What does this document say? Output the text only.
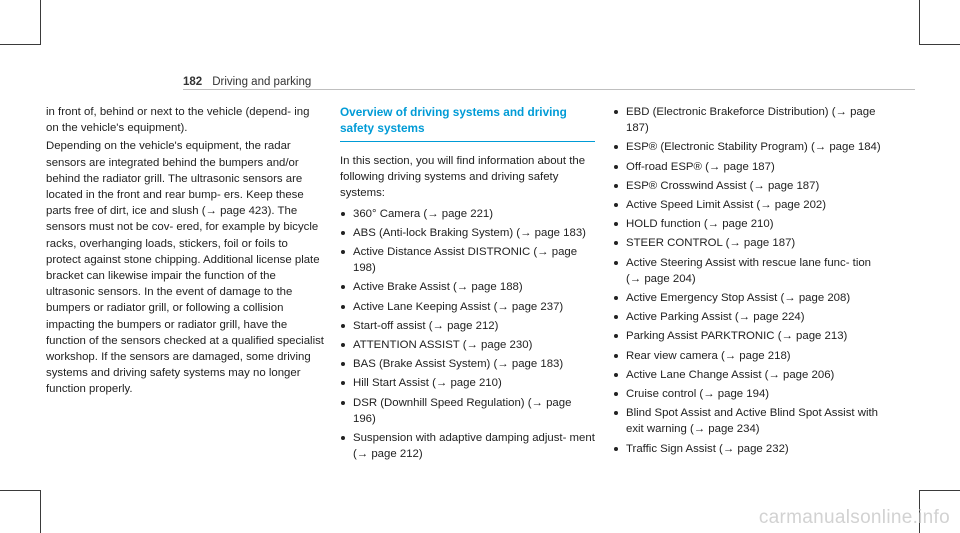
182 Driving and parking

in front of, behind or next to the vehicle (depend- ing on the vehicle's equipment).

Depending on the vehicle's equipment, the radar sensors are integrated behind the bumpers and/or behind the radiator grill. The ultrasonic sensors are located in the front and rear bump- ers. Keep these parts free of dirt, ice and slush (→ page 423). The sensors must not be cov- ered, for example by bicycle racks, overhanging loads, stickers, foil or foils to protect against stone chipping. Additional license plate bracket can likewise impair the function of the ultrasonic sensors. In the event of damage to the bumpers or radiator grill, or following a collision impacting the bumpers or radiator grill, have the function of the sensors checked at a qualified specialist workshop. If the sensors are damaged, some driving systems and driving safety systems may no longer function properly.

Overview of driving systems and driving safety systems

In this section, you will find information about the following driving systems and driving safety systems:

360° Camera (→ page 221)
ABS (Anti-lock Braking System) (→ page 183)
Active Distance Assist DISTRONIC (→ page 198)
Active Brake Assist (→ page 188)
Active Lane Keeping Assist (→ page 237)
Start-off assist (→ page 212)
ATTENTION ASSIST (→ page 230)
BAS (Brake Assist System) (→ page 183)
Hill Start Assist (→ page 210)
DSR (Downhill Speed Regulation) (→ page 196)
Suspension with adaptive damping adjust- ment (→ page 212)
EBD (Electronic Brakeforce Distribution) (→ page 187)
ESP® (Electronic Stability Program) (→ page 184)
Off-road ESP® (→ page 187)
ESP® Crosswind Assist (→ page 187)
Active Speed Limit Assist (→ page 202)
HOLD function (→ page 210)
STEER CONTROL (→ page 187)
Active Steering Assist with rescue lane func- tion (→ page 204)
Active Emergency Stop Assist (→ page 208)
Active Parking Assist (→ page 224)
Parking Assist PARKTRONIC (→ page 213)
Rear view camera (→ page 218)
Active Lane Change Assist (→ page 206)
Cruise control (→ page 194)
Blind Spot Assist and Active Blind Spot Assist with exit warning (→ page 234)
Traffic Sign Assist (→ page 232)
carmanualsonline.info
